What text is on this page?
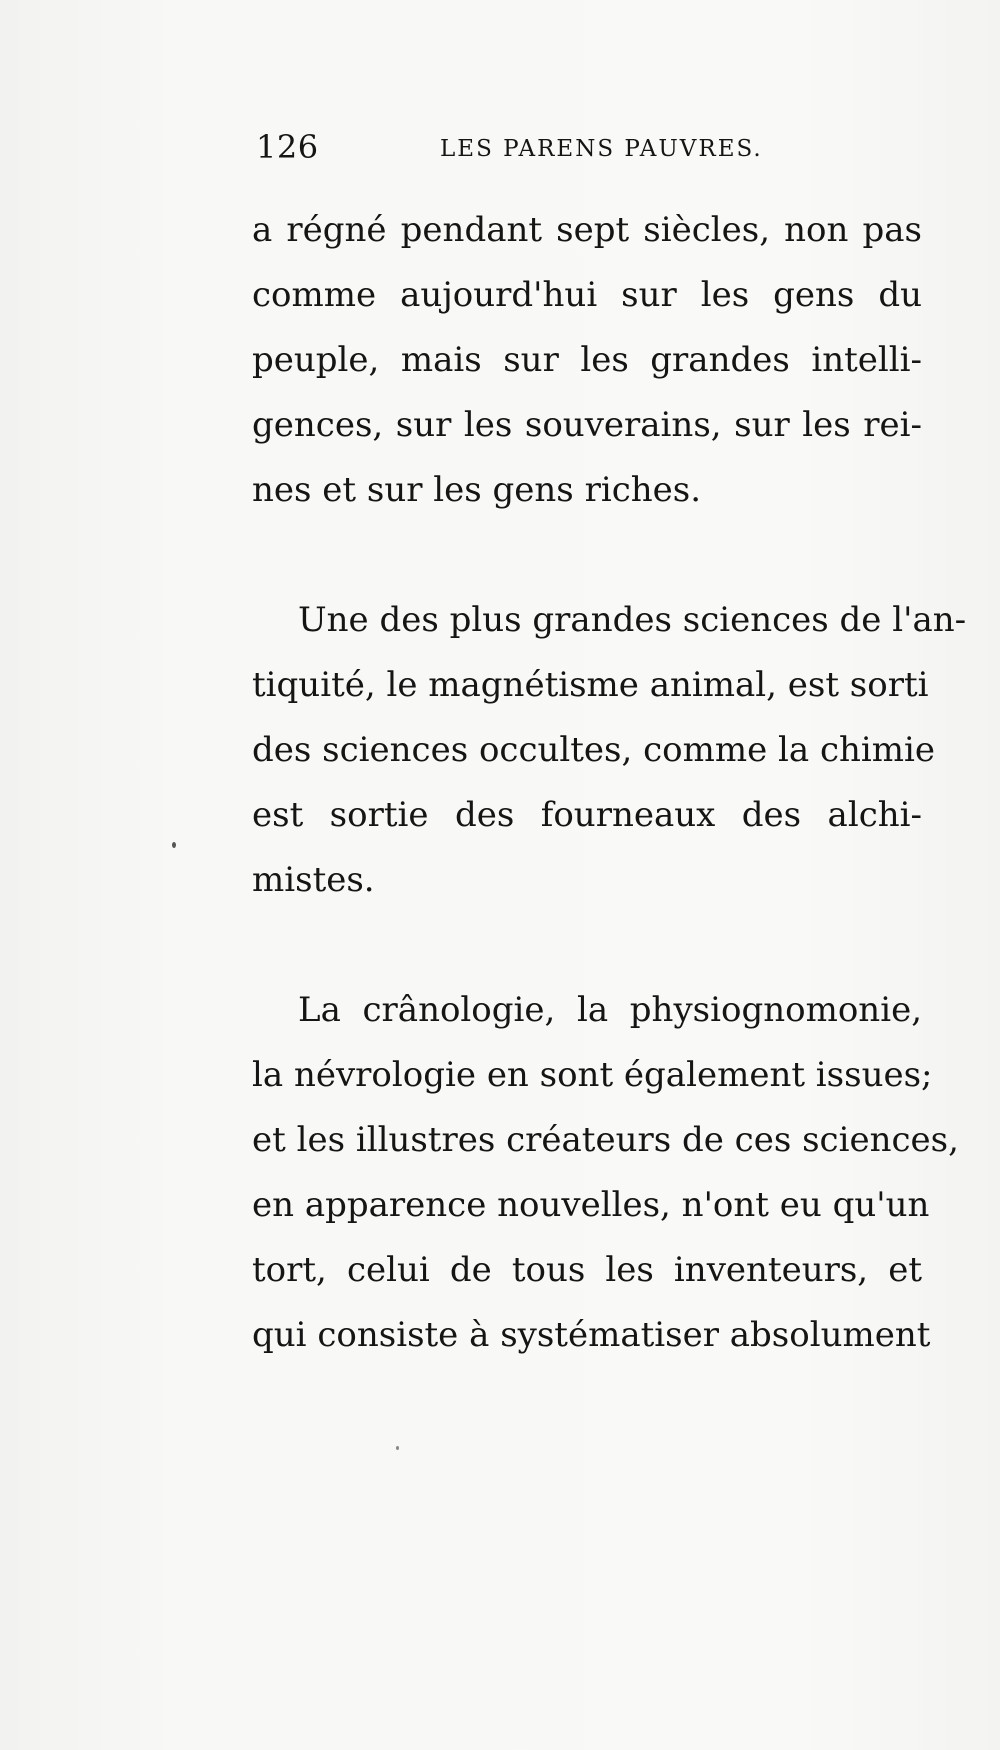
126	LES PARENS PAUVRES.
a régné pendant sept siècles, non pas
comme aujourd'hui sur les gens du
peuple, mais sur les grandes intelli-
gences, sur les souverains, sur les rei-
nes et sur les gens riches.
Une des plus grandes sciences de l'an-
tiquité, le magnétisme animal, est sorti
des sciences occultes, comme la chimie
est sortie des fourneaux des alchi-
mistes.
La crânologie, la physiognomonie,
la névrologie en sont également issues;
et les illustres créateurs de ces sciences,
en apparence nouvelles, n'ont eu qu'un
tort, celui de tous les inventeurs, et
qui consiste à systématiser absolument
